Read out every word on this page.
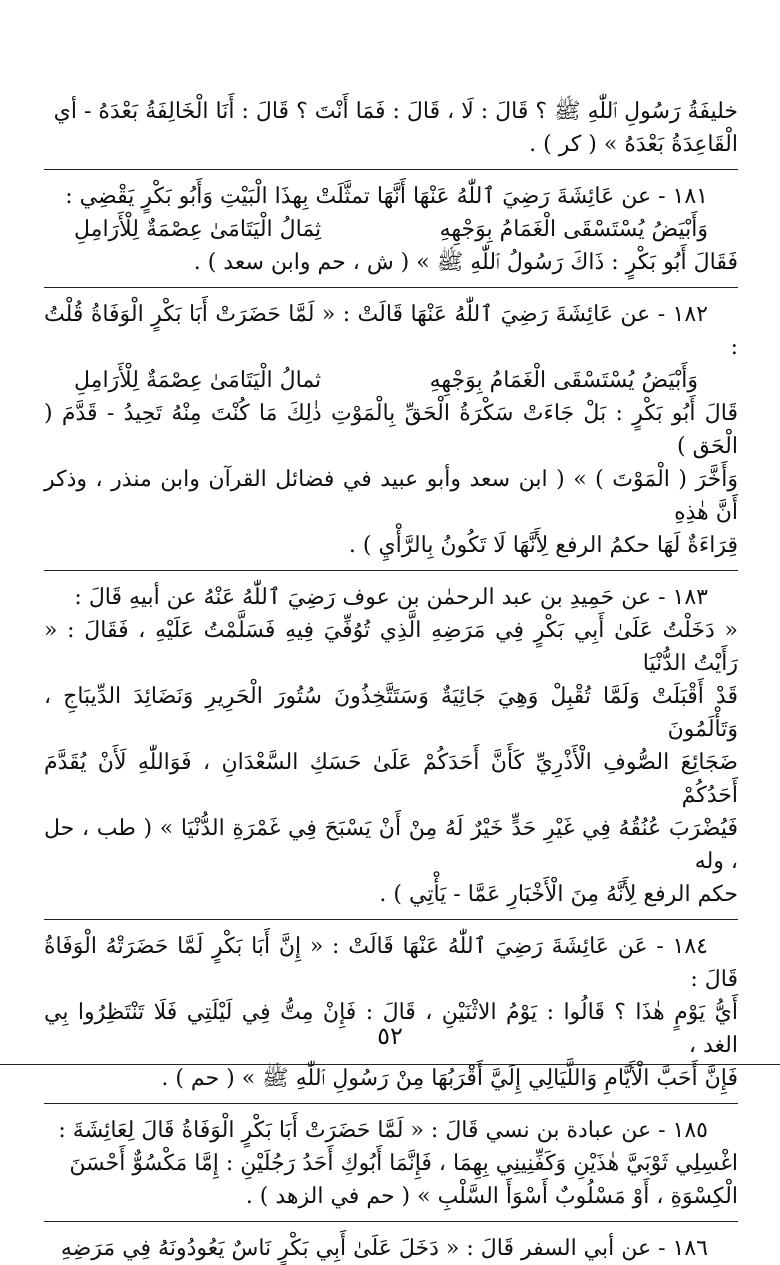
خليفَةُ رَسُولِ ٱللّٰهِ ﷺ ؟ قَالَ : لَا ، قَالَ : فَمَا أَنْتَ ؟ قَالَ : أَنَا الْخَالِفَةُ بَعْدَهُ - أي
الْقَاعِدَةُ بَعْدَهُ » ( كر ) .
١٨١ - عن عَائِشَةَ رَضِيَ ٱللّٰهُ عَنْهَا أَنَّهَا تمثَّلَتْ بِهذَا الْبَيْتِ وَأَبُو بَكْرٍ يَقْضِي :
وَأَبْيَضُ يُسْتَسْقَى الْغَمَامُ بِوَجْهِهِ
ثِمَالُ الْيَتَامَىٰ عِصْمَةٌ لِلْأَرَامِلِ
فَقَالَ أَبُو بَكْرٍ : ذَاكَ رَسُولُ ٱللّٰهِ ﷺ » ( ش ، حم وابن سعد ) .
١٨٢ - عن عَائِشَةَ رَضِيَ ٱللّٰهُ عَنْهَا قَالَتْ : « لَمَّا حَضَرَتْ أَبَا بَكْرٍ الْوَفَاةُ قُلْتُ :
وَأَبْيَضُ يُسْتَسْقَى الْغَمَامُ بِوَجْهِهِ
ثمالُ الْيَتَامَىٰ عِصْمَةٌ لِلْأَرَامِلِ
قَالَ أَبُو بَكْرٍ : بَلْ جَاءَتْ سَكْرَةُ الْحَقِّ بِالْمَوْتِ ذٰلِكَ مَا كُنْتَ مِنْهُ تَحِيدُ - قَدَّمَ ( الْحَق )
وَأَخَّرَ ( الْمَوْتَ ) » ( ابن سعد وأبو عبيد في فضائل القرآن وابن منذر ، وذكر أَنَّ هٰذِهِ
قِرَاءَةٌ لَهَا حكمُ الرفع لِأَنَّهَا لَا تَكُونُ بِالرَّأْيِ ) .
١٨٣ - عن حَمِيدِ بن عبد الرحمٰن بن عوف رَضِيَ ٱللّٰهُ عَنْهُ عن أبيهِ قَالَ :
« دَخَلْتُ عَلَىٰ أَبِي بَكْرٍ فِي مَرَضِهِ الَّذِي تُوُفِّيَ فِيهِ فَسَلَّمْتُ عَلَيْهِ ، فَقَالَ : « رَأَيْتُ الدُّنْيَا
قَدْ أَقْبَلَتْ وَلَمَّا تُقْبِلْ وَهِيَ جَائِيَةٌ وَسَتَتَّخِذُونَ سُتُورَ الْحَرِيرِ وَنَضَائِدَ الدِّيبَاجِ ، وَتَأْلَمُونَ
ضَجَائِعَ الصُّوفِ الْأَذْرِيِّ كَأَنَّ أَحَدَكُمْ عَلَىٰ حَسَكِ السَّعْدَانِ ، فَوَاللّٰهِ لَأَنْ يُقَدَّمَ أَحَدُكُمْ
فَيُضْرَبَ عُنُقُهُ فِي غَيْرِ حَدٍّ خَيْرٌ لَهُ مِنْ أَنْ يَسْبَحَ فِي غَمْرَةِ الدُّنْيَا » ( طب ، حل ، وله
حكم الرفع لِأَنَّهُ مِنَ الْأَخْبَارِ عَمَّا - يَأْتِي ) .
١٨٤ - عَن عَائِشَةَ رَضِيَ ٱللّٰهُ عَنْهَا قَالَتْ : « إِنَّ أَبَا بَكْرٍ لَمَّا حَضَرَتْهُ الْوَفَاةُ قَالَ :
أَيُّ يَوْمٍ هٰذَا ؟ قَالُوا : يَوْمُ الاثْنَيْنِ ، قَالَ : فَإِنْ مِتُّ فِي لَيْلَتِي فَلَا تَنْتَظِرُوا بِي الغد ،
فَإِنَّ أَحَبَّ الْأَيَّامِ وَاللَّيَالِي إِلَيَّ أَقْرَبُهَا مِنْ رَسُولِ ٱللّٰهِ ﷺ » ( حم ) .
١٨٥ - عن عبادة بن نسي قَالَ : « لَمَّا حَضَرَتْ أَبَا بَكْرٍ الْوَفَاةُ قَالَ لِعَائِشَةَ :
اغْسِلِي ثَوْبَيَّ هٰذَيْنِ وَكَفِّنِينِي بِهِمَا ، فَإِنَّمَا أَبُوكِ أَحَدُ رَجُلَيْنِ : إِمَّا مَكْسُوٌّ أَحْسَنَ
الْكِسْوَةِ ، أَوْ مَسْلُوبٌ أَسْوَأَ السَّلْبِ » ( حم في الزهد ) .
١٨٦ - عن أبي السفر قَالَ : « دَخَلَ عَلَىٰ أَبِي بَكْرٍ نَاسٌ يَعُودُونَهُ فِي مَرَضِهِ
٥٢
